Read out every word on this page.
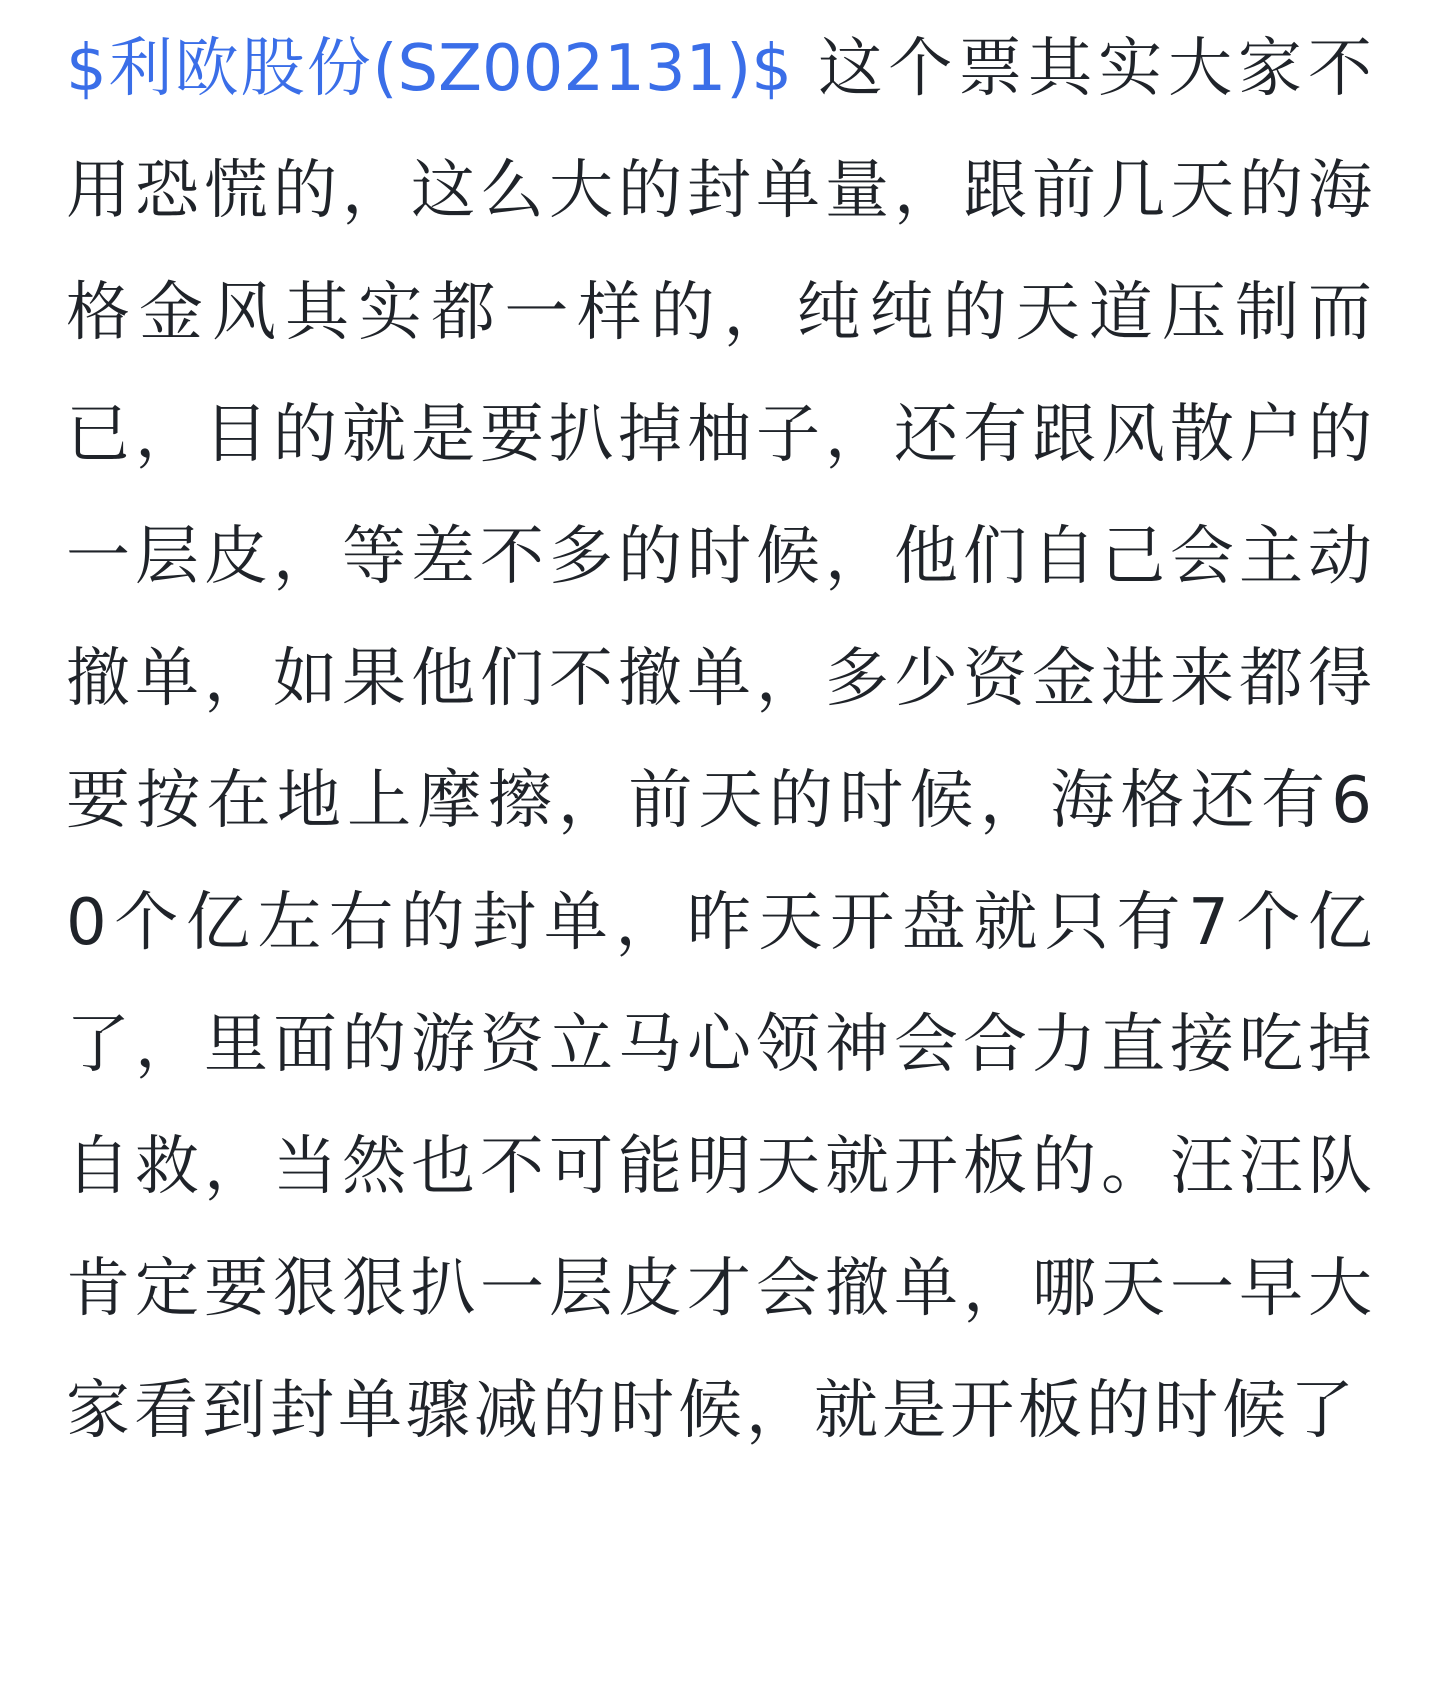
$利欧股份(SZ002131)$ 这个票其实大家不用恐慌的，这么大的封单量，跟前几天的海格金风其实都一样的，纯纯的天道压制而已，目的就是要扒掉柚子，还有跟风散户的一层皮，等差不多的时候，他们自己会主动撤单，如果他们不撤单，多少资金进来都得要按在地上摩擦，前天的时候，海格还有60个亿左右的封单，昨天开盘就只有7个亿了，里面的游资立马心领神会合力直接吃掉自救，当然也不可能明天就开板的。汪汪队肯定要狠狠扒一层皮才会撤单，哪天一早大家看到封单骤减的时候，就是开板的时候了
